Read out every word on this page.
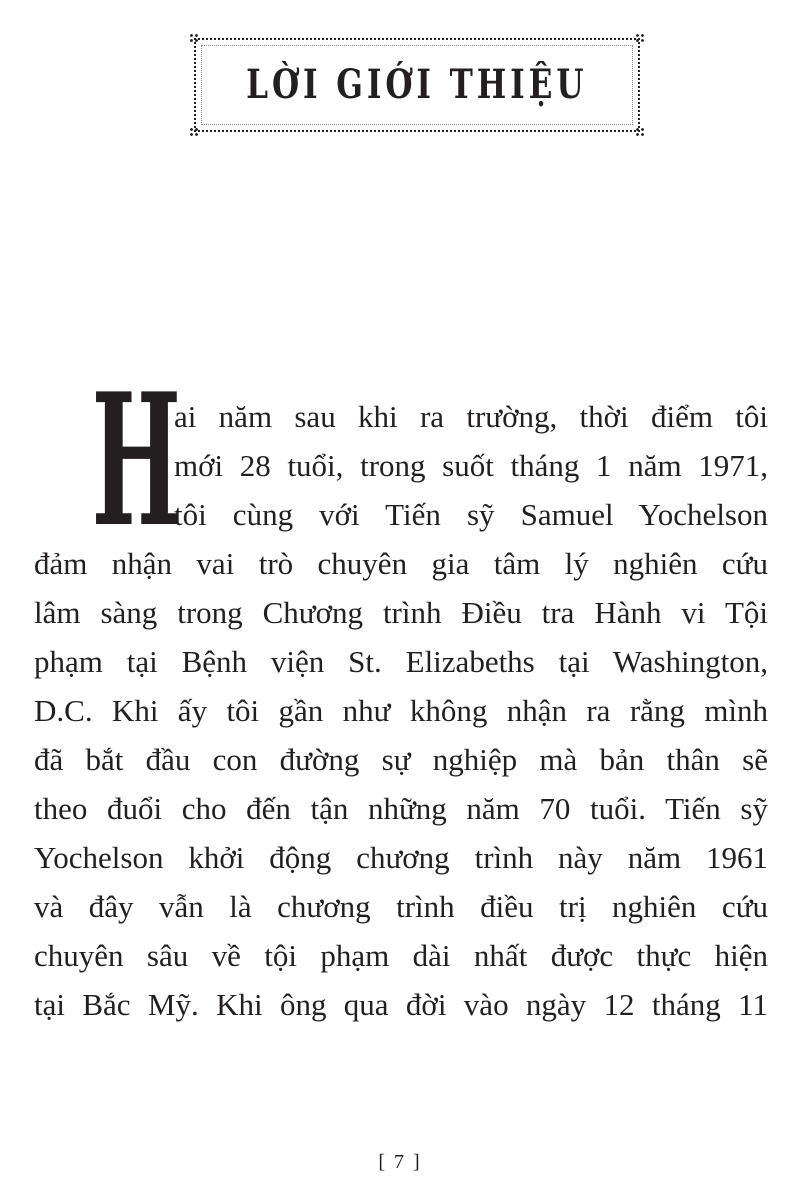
LỜI GIỚI THIỆU
H
ai năm sau khi ra trường, thời điểm tôi
mới 28 tuổi, trong suốt tháng 1 năm 1971,
tôi cùng với Tiến sỹ Samuel Yochelson
đảm nhận vai trò chuyên gia tâm lý nghiên cứu
lâm sàng trong Chương trình Điều tra Hành vi Tội
phạm tại Bệnh viện St. Elizabeths tại Washington,
D.C. Khi ấy tôi gần như không nhận ra rằng mình
đã bắt đầu con đường sự nghiệp mà bản thân sẽ
theo đuổi cho đến tận những năm 70 tuổi. Tiến sỹ
Yochelson khởi động chương trình này năm 1961
và đây vẫn là chương trình điều trị nghiên cứu
chuyên sâu về tội phạm dài nhất được thực hiện
tại Bắc Mỹ. Khi ông qua đời vào ngày 12 tháng 11
[ 7 ]
